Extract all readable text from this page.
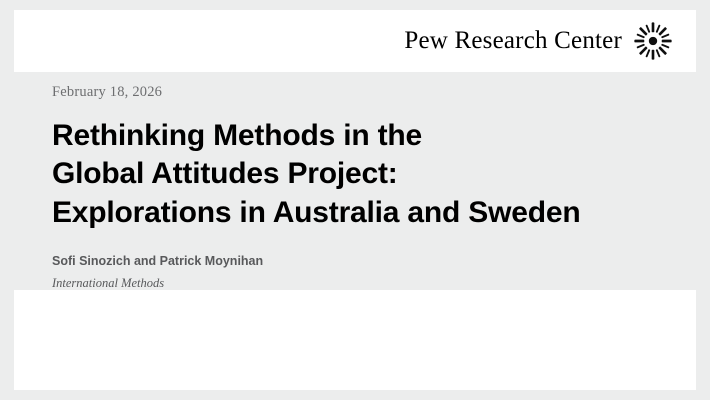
Pew Research Center
February 18, 2026
Rethinking Methods in the
Global Attitudes Project:
Explorations in Australia and Sweden
Sofi Sinozich and Patrick Moynihan
International Methods
